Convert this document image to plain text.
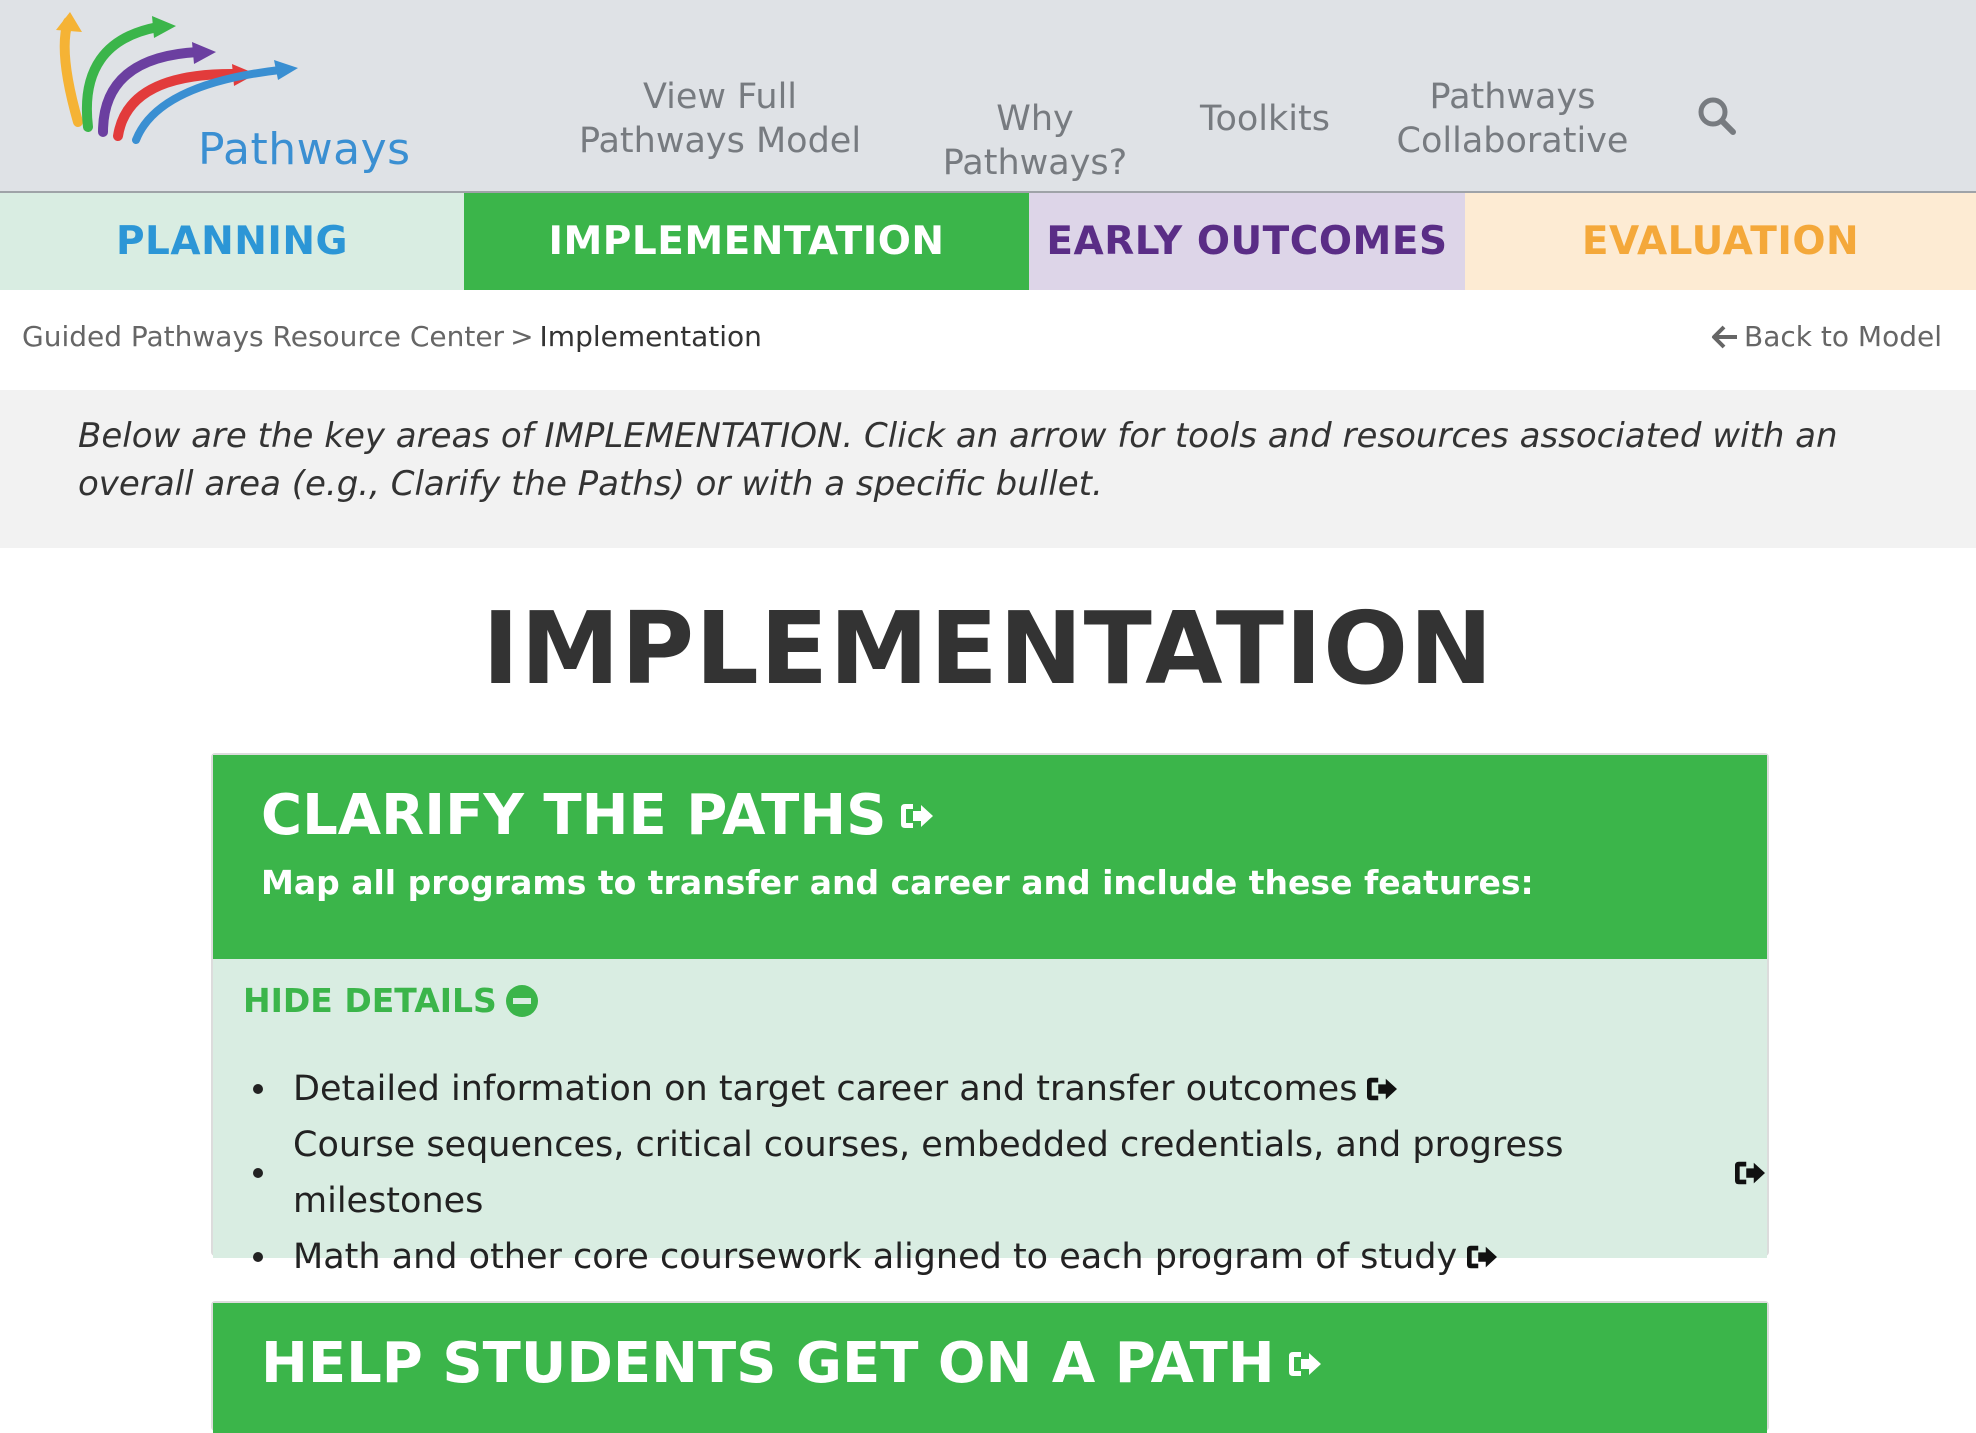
Pathways
View Full
Pathways Model
Why Pathways?
Toolkits
Pathways
Collaborative
PLANNING	IMPLEMENTATION	EARLY OUTCOMES	EVALUATION
Guided Pathways Resource Center > Implementation	Back to Model

Below are the key areas of IMPLEMENTATION. Click an arrow for tools and resources associated with an overall area (e.g., Clarify the Paths) or with a specific bullet.

IMPLEMENTATION
CLARIFY THE PATHS
Map all programs to transfer and career and include these features:
HIDE DETAILS
Detailed information on target career and transfer outcomes
Course sequences, critical courses, embedded credentials, and progress milestones
Math and other core coursework aligned to each program of study
HELP STUDENTS GET ON A PATH
